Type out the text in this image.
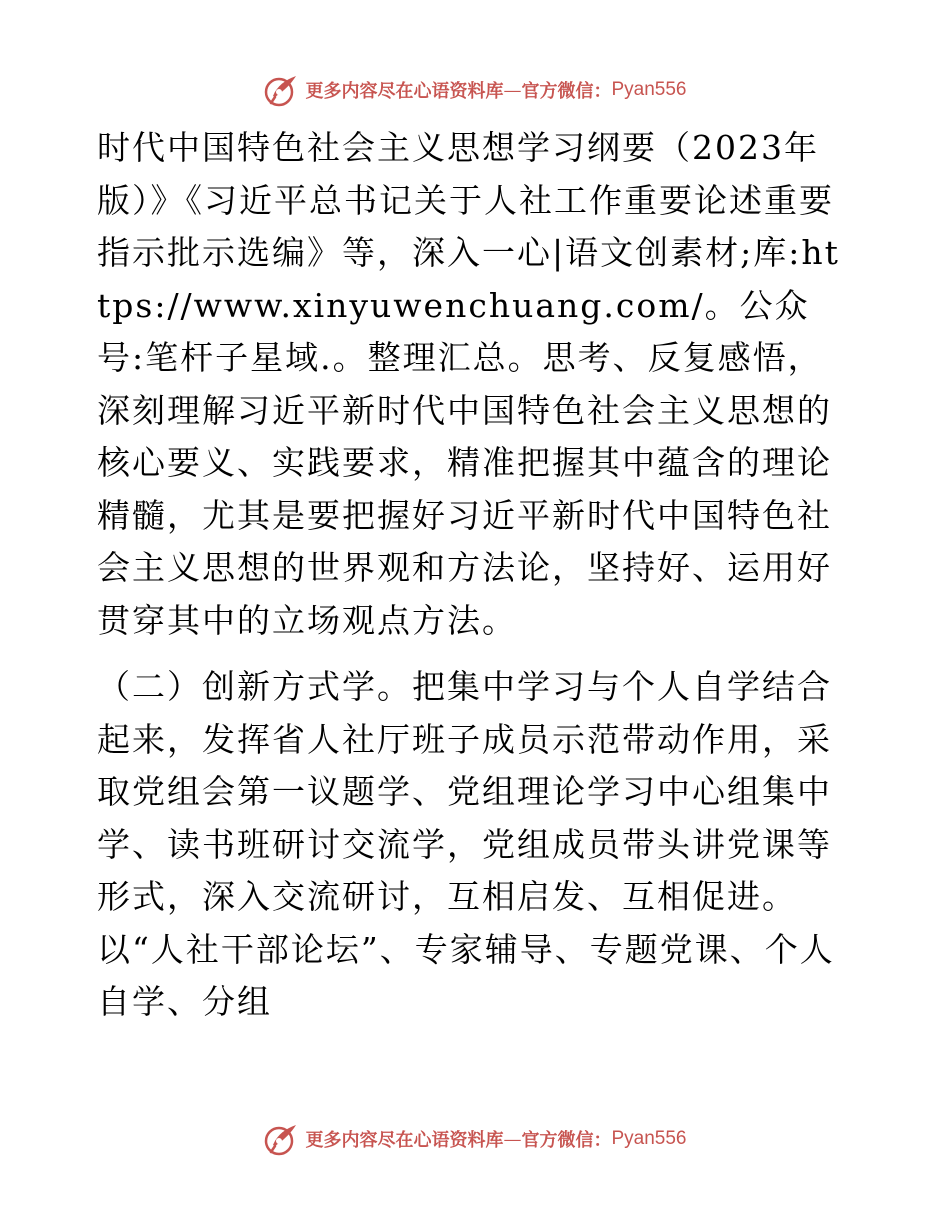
更多内容尽在心语资料库 — 官方微信： Pyan556

时代中国特色社会主义思想学习纲要（2023年版）》《习近平总书记关于人社工作重要论述重要指示批示选编》等，深入一心|语文创素材;库:https://www.xinyuwenchuang.com/。公众号:笔杆子星域.。整理汇总。思考、反复感悟，深刻理解习近平新时代中国特色社会主义思想的核心要义、实践要求，精准把握其中蕴含的理论精髓，尤其是要把握好习近平新时代中国特色社会主义思想的世界观和方法论，坚持好、运用好贯穿其中的立场观点方法。

（二）创新方式学。把集中学习与个人自学结合起来，发挥省人社厅班子成员示范带动作用，采取党组会第一议题学、党组理论学习中心组集中学、读书班研讨交流学，党组成员带头讲党课等形式，深入交流研讨，互相启发、互相促进。以“人社干部论坛”、专家辅导、专题党课、个人自学、分组

更多内容尽在心语资料库 — 官方微信： Pyan556
